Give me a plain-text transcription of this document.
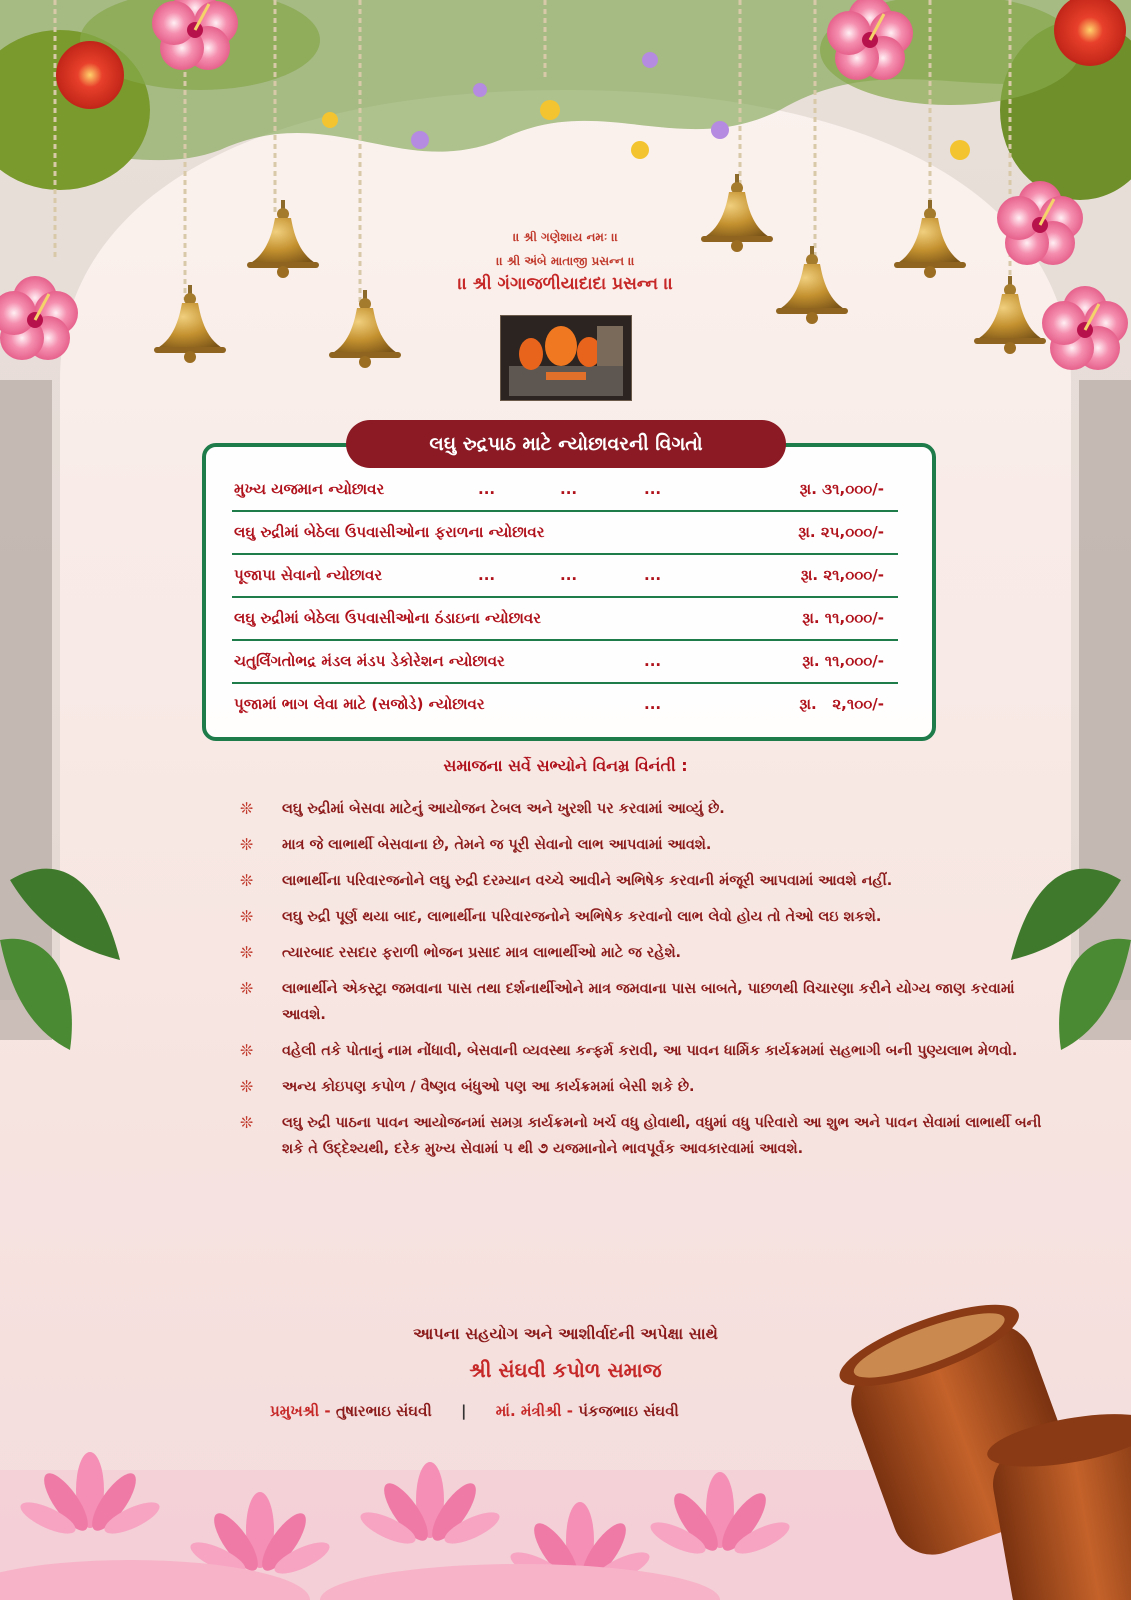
।। શ્રી ગણેશાય નમઃ ।।
।। શ્રી અંબે માતાજી પ્રસન્ન ।।
।। શ્રી ગંગાજળીયાદાદા પ્રસન્ન ।।
લઘુ રુદ્રપાઠ માટે ન્યોછાવરની વિગતો
મુખ્ય યજમાન ન્યોછાવર	...	...	...	રૂા. ૩૧,૦૦૦/-
લઘુ રુદ્રીમાં બેઠેલા ઉપવાસીઓના ફરાળના ન્યોછાવર	રૂા. ૨૫,૦૦૦/-
પૂજાપા સેવાનો ન્યોછાવર	...	...	...	રૂા. ૨૧,૦૦૦/-
લઘુ રુદ્રીમાં બેઠેલા ઉપવાસીઓના ઠંડાઇના ન્યોછાવર	રૂા. ૧૧,૦૦૦/-
ચતુર્લિંગતોભદ્ર મંડલ મંડપ ડેકોરેશન ન્યોછાવર	...	રૂા. ૧૧,૦૦૦/-
પૂજામાં ભાગ લેવા માટે (સજોડે) ન્યોછાવર	...	રૂા.   ૨,૧૦૦/-
સમાજના સર્વે સભ્યોને વિનમ્ર વિનંતી :
❊ લઘુ રુદ્રીમાં બેસવા માટેનું આયોજન ટેબલ અને ખુરશી પર કરવામાં આવ્યું છે.
❊ માત્ર જે લાભાર્થી બેસવાના છે, તેમને જ પૂરી સેવાનો લાભ આપવામાં આવશે.
❊ લાભાર્થીના પરિવારજનોને લઘુ રુદ્રી દરમ્યાન વચ્ચે આવીને અભિષેક કરવાની મંજૂરી આપવામાં આવશે નહીં.
❊ લઘુ રુદ્રી પૂર્ણ થયા બાદ, લાભાર્થીના પરિવારજનોને અભિષેક કરવાનો લાભ લેવો હોય તો તેઓ લઇ શકશે.
❊ ત્યારબાદ રસદાર ફરાળી ભોજન પ્રસાદ માત્ર લાભાર્થીઓ માટે જ રહેશે.
❊ લાભાર્થીને એકસ્ટ્રા જમવાના પાસ તથા દર્શનાર્થીઓને માત્ર જમવાના પાસ બાબતે, પાછળથી વિચારણા કરીને યોગ્ય જાણ કરવામાં આવશે.
❊ વહેલી તકે પોતાનું નામ નોંધાવી, બેસવાની વ્યવસ્થા કન્ફર્મ કરાવી, આ પાવન ધાર્મિક કાર્યક્રમમાં સહભાગી બની પુણ્યલાભ મેળવો.
❊ અન્ય કોઇપણ કપોળ / વૈષ્ણવ બંધુઓ પણ આ કાર્યક્રમમાં બેસી શકે છે.
❊ લઘુ રુદ્રી પાઠના પાવન આયોજનમાં સમગ્ર કાર્યક્રમનો ખર્ચ વધુ હોવાથી, વધુમાં વધુ પરિવારો આ શુભ અને પાવન સેવામાં લાભાર્થી બની શકે તે ઉદ્દેશ્યથી, દરેક મુખ્ય સેવામાં ૫ થી ૭ યજમાનોને ભાવપૂર્વક આવકારવામાં આવશે.
આપના સહયોગ અને આશીર્વાદની અપેક્ષા સાથે
શ્રી સંઘવી કપોળ સમાજ
પ્રમુખશ્રી - તુષારભાઇ સંઘવી | માં. મંત્રીશ્રી - પંકજભાઇ સંઘવી
